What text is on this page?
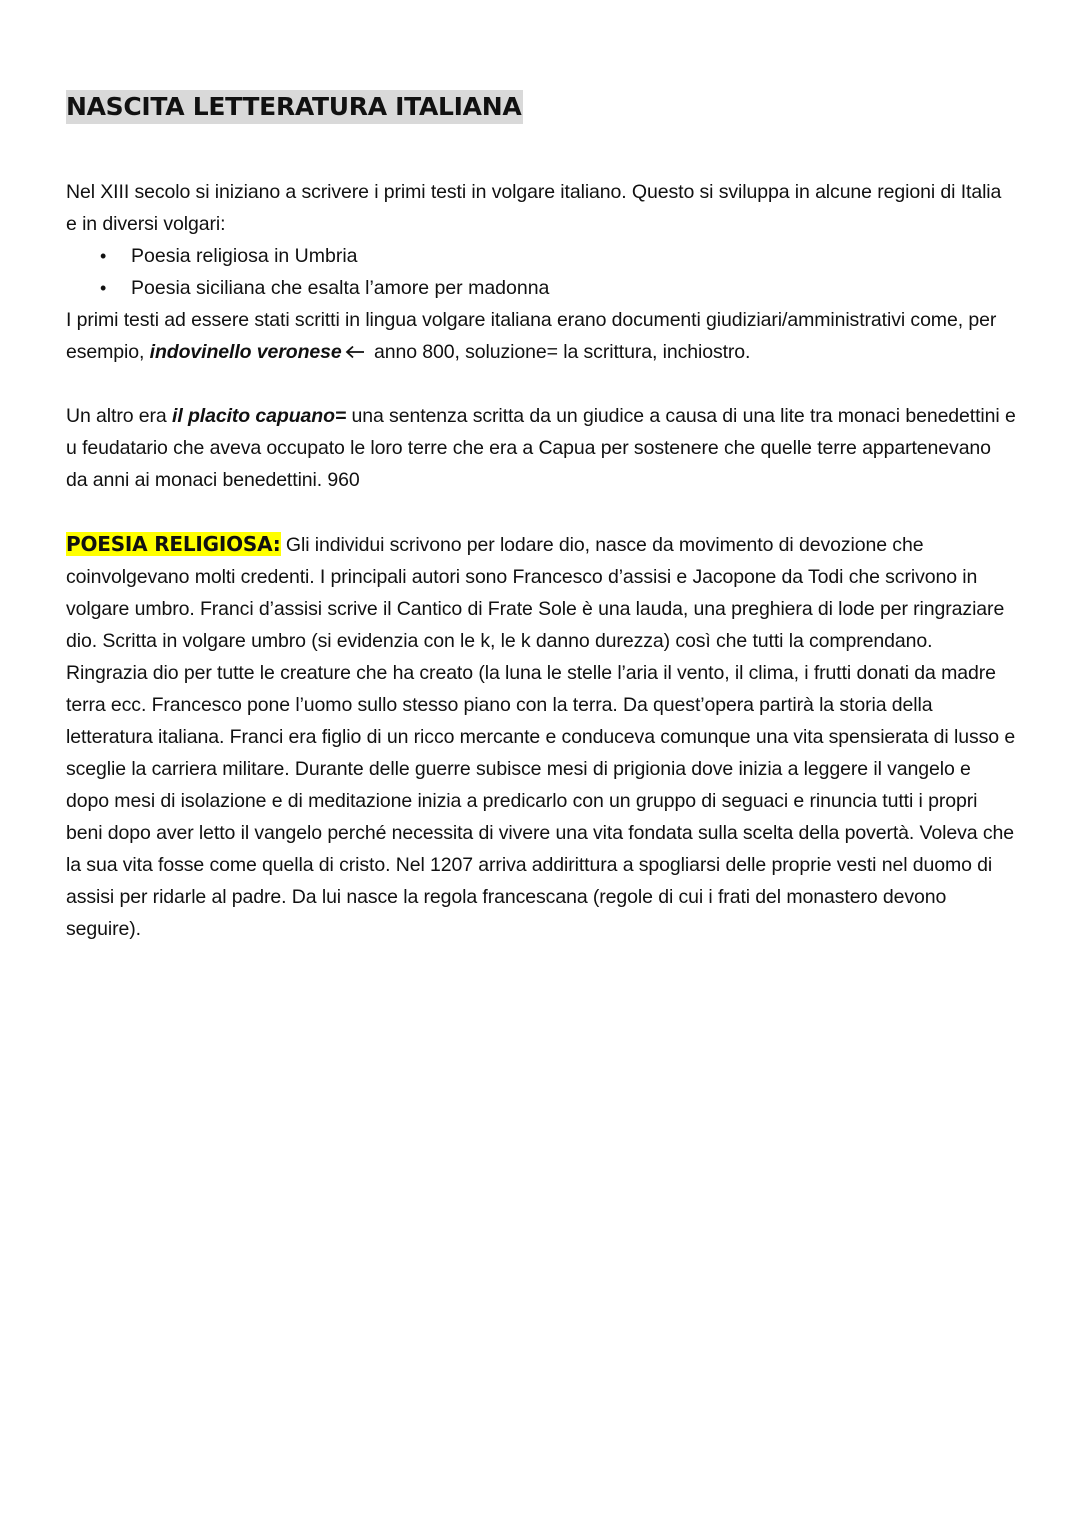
NASCITA LETTERATURA ITALIANA

Nel XIII secolo si iniziano a scrivere i primi testi in volgare italiano. Questo si sviluppa in alcune regioni di Italia e in diversi volgari:

• Poesia religiosa in Umbria
• Poesia siciliana che esalta l’amore per madonna

I primi testi ad essere stati scritti in lingua volgare italiana erano documenti giudiziari/amministrativi come, per esempio, indovinello veronese anno 800, soluzione= la scrittura, inchiostro.

Un altro era il placito capuano= una sentenza scritta da un giudice a causa di una lite tra monaci benedettini e u feudatario che aveva occupato le loro terre che era a Capua per sostenere che quelle terre appartenevano da anni ai monaci benedettini. 960

POESIA RELIGIOSA: Gli individui scrivono per lodare dio, nasce da movimento di devozione che coinvolgevano molti credenti. I principali autori sono Francesco d’assisi e Jacopone da Todi che scrivono in volgare umbro. Franci d’assisi scrive il Cantico di Frate Sole è una lauda, una preghiera di lode per ringraziare dio. Scritta in volgare umbro (si evidenzia con le k, le k danno durezza) così che tutti la comprendano. Ringrazia dio per tutte le creature che ha creato (la luna le stelle l’aria il vento, il clima, i frutti donati da madre terra ecc. Francesco pone l’uomo sullo stesso piano con la terra. Da quest’opera partirà la storia della letteratura italiana. Franci era figlio di un ricco mercante e conduceva comunque una vita spensierata di lusso e sceglie la carriera militare. Durante delle guerre subisce mesi di prigionia dove inizia a leggere il vangelo e dopo mesi di isolazione e di meditazione inizia a predicarlo con un gruppo di seguaci e rinuncia tutti i propri beni dopo aver letto il vangelo perché necessita di vivere una vita fondata sulla scelta della povertà. Voleva che la sua vita fosse come quella di cristo. Nel 1207 arriva addirittura a spogliarsi delle proprie vesti nel duomo di assisi per ridarle al padre. Da lui nasce la regola francescana (regole di cui i frati del monastero devono seguire).
